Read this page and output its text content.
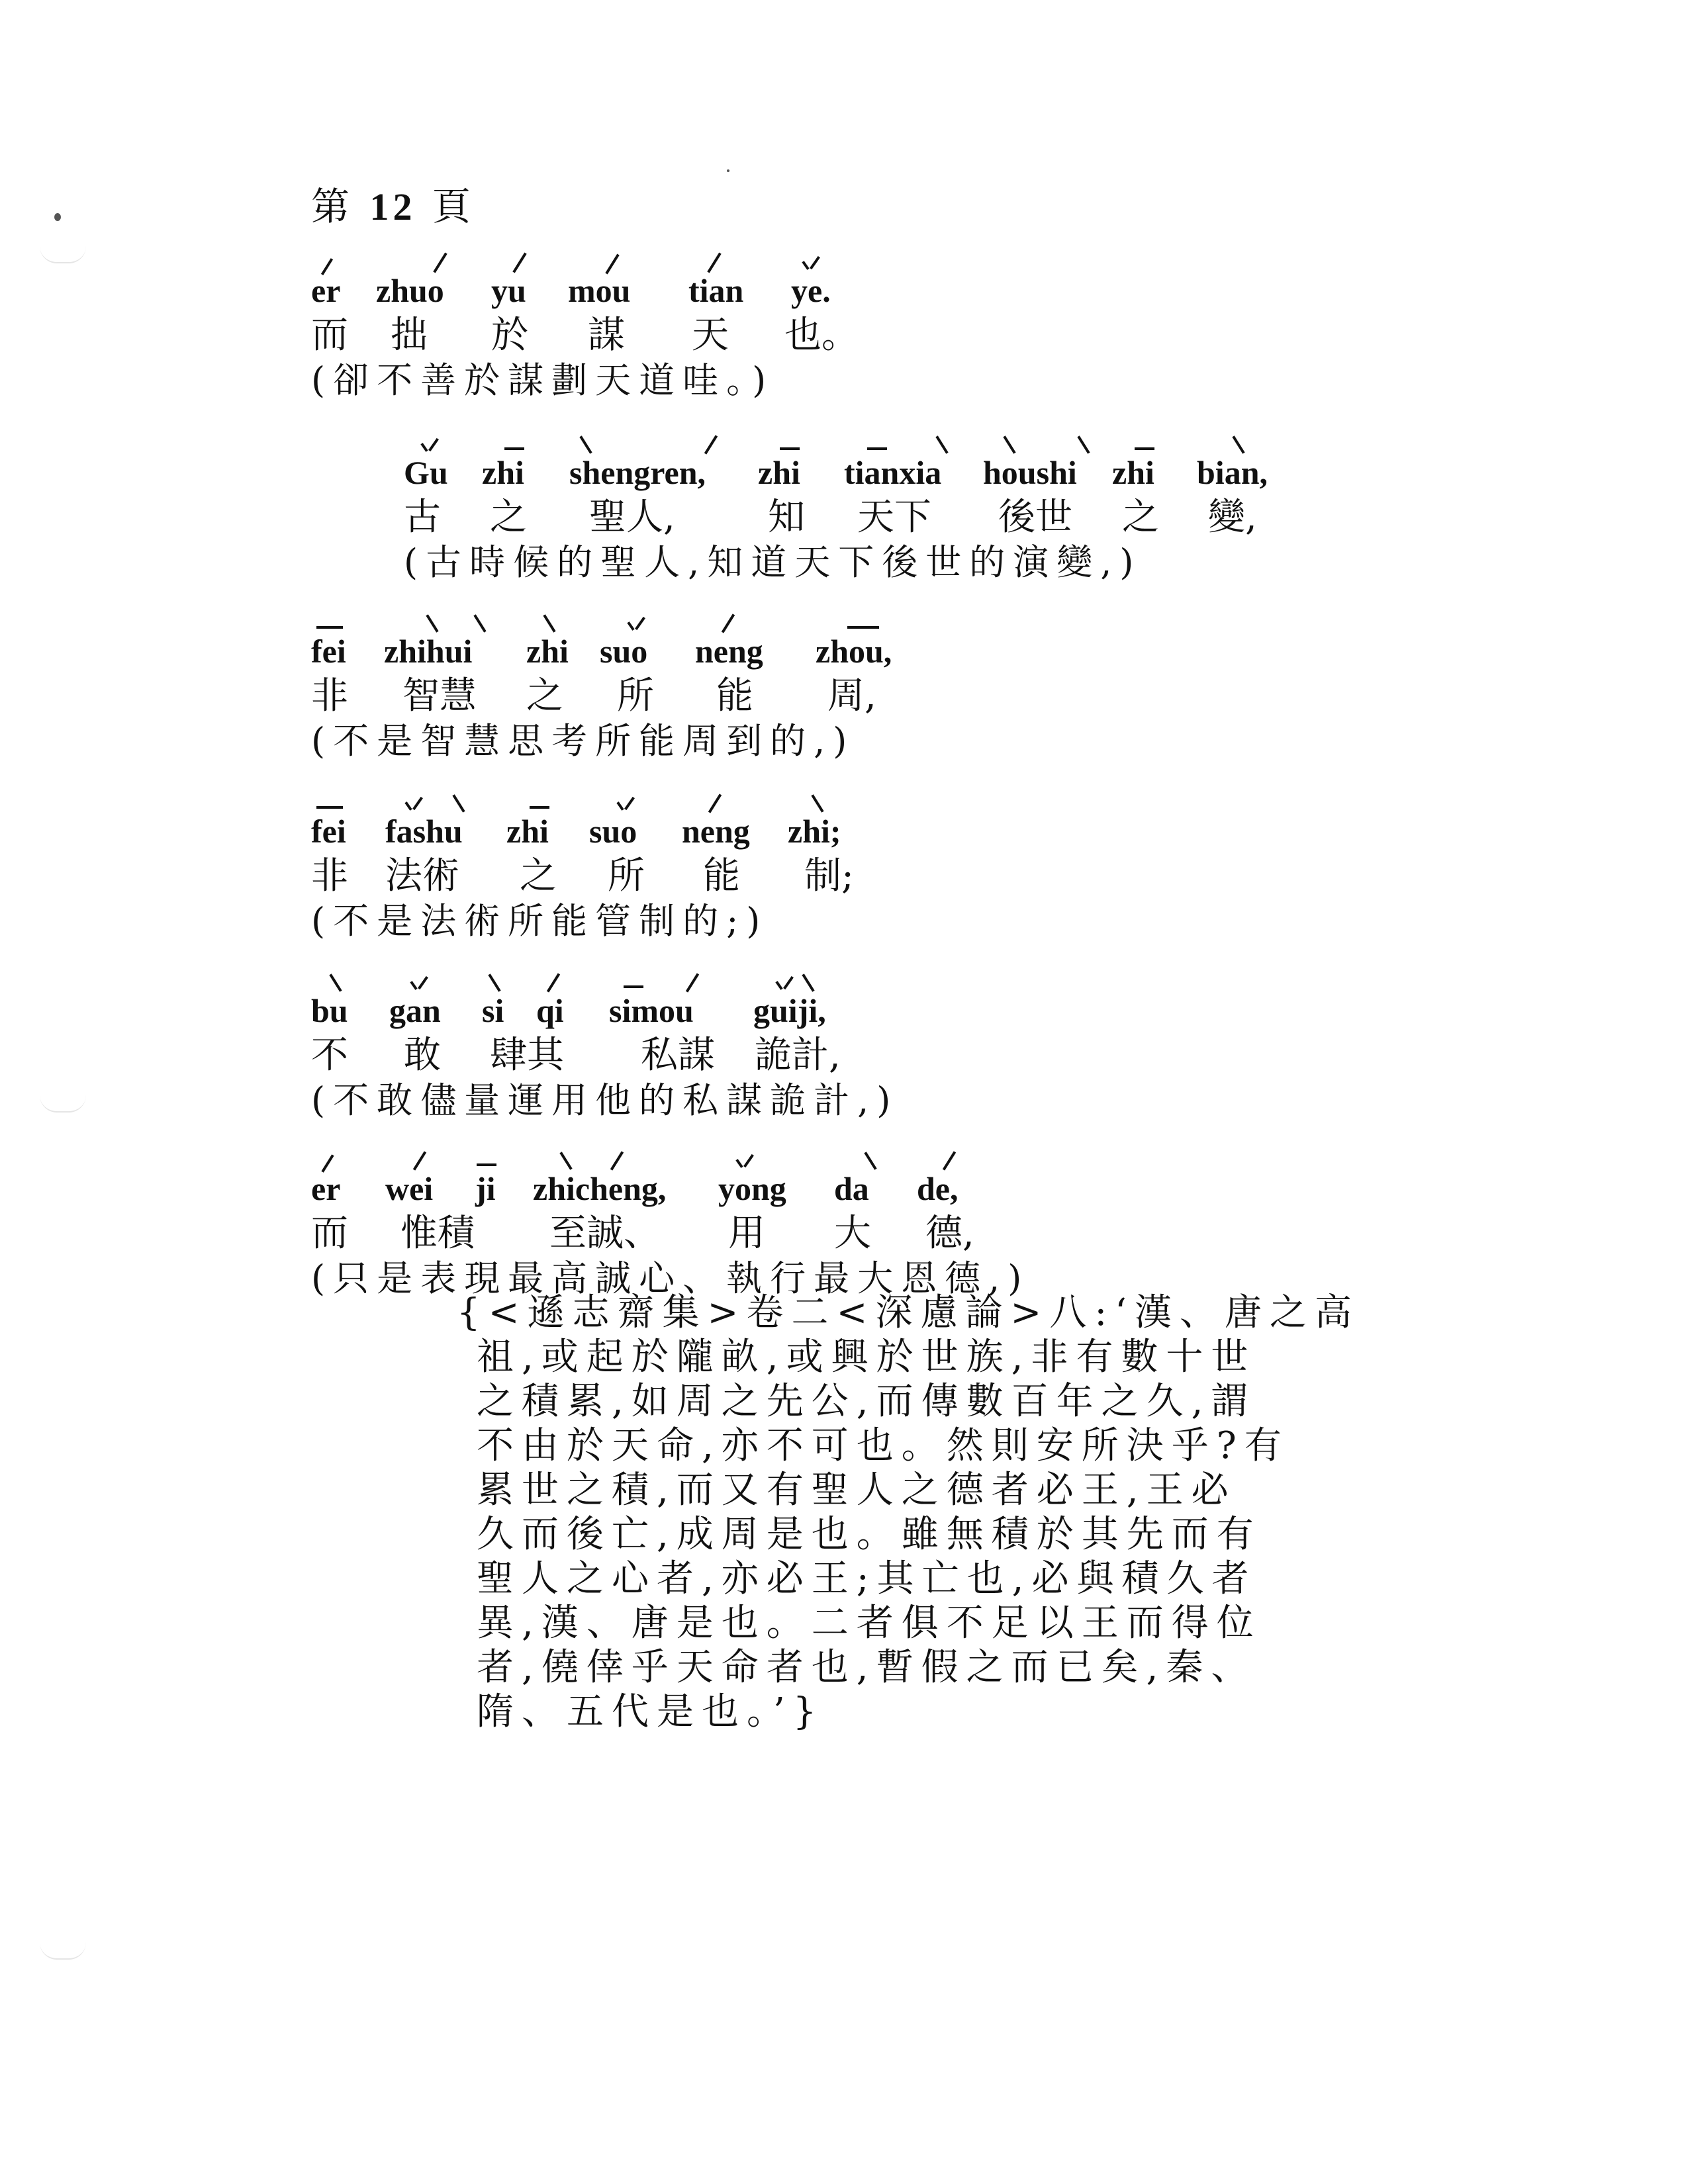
第 12 頁
er zhuo yu mou tian ye.
而 拙 於 謀 天 也。
(卻不善於謀劃天道哇。)
Gu zhi shengren, zhi tianxia houshi zhi bian,
古 之 聖人,	知 天下 後世 之 變,
(古時候的聖人,知道天下後世的演變,)
fei zhihui zhi suo neng zhou,
非 智慧 之 所 能 周,
(不是智慧思考所能周到的,)
fei fashu zhi suo neng zhi;
非 法術 之 所 能 制;
(不是法術所能管制的;)
bu gan si qi simou guiji,
不 敢 肆其 私謀 詭計,
(不敢儘量運用他的私謀詭計,)
er wei ji zhicheng, yong da de,
而 惟積 至誠、 用 大 德,
(只是表現最高誠心、執行最大恩德,)
{<遜志齋集>卷二<深慮論>八:‘漢、唐之高
祖,或起於隴畝,或興於世族,非有數十世
之積累,如周之先公,而傳數百年之久,謂
不由於天命,亦不可也。然則安所決乎?有
累世之積,而又有聖人之德者必王,王必
久而後亡,成周是也。雖無積於其先而有
聖人之心者,亦必王;其亡也,必與積久者
異,漢、唐是也。二者俱不足以王而得位
者,僥倖乎天命者也,暫假之而已矣,秦、
隋、五代是也。’}
